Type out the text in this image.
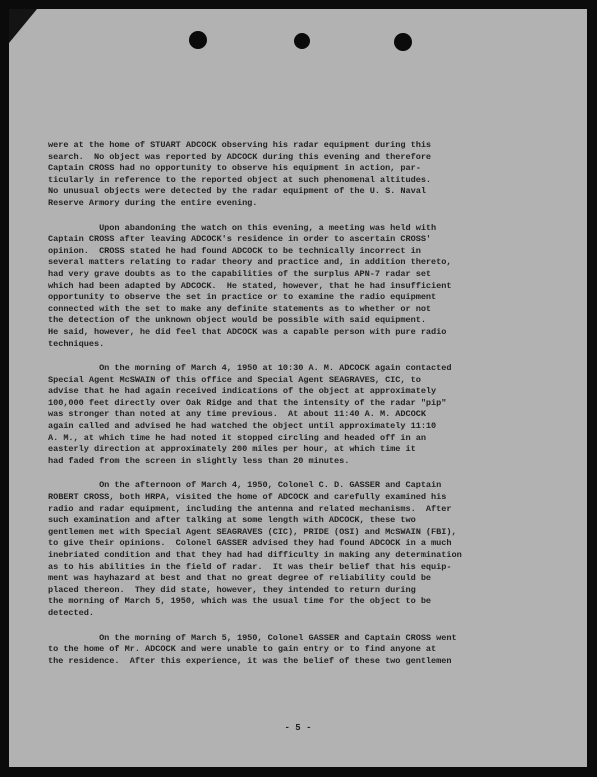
were at the home of STUART ADCOCK observing his radar equipment during this
search.  No object was reported by ADCOCK during this evening and therefore
Captain CROSS had no opportunity to observe his equipment in action, par-
ticularly in reference to the reported object at such phenomenal altitudes.
No unusual objects were detected by the radar equipment of the U. S. Naval
Reserve Armory during the entire evening.
Upon abandoning the watch on this evening, a meeting was held with
Captain CROSS after leaving ADCOCK's residence in order to ascertain CROSS'
opinion.  CROSS stated he had found ADCOCK to be technically incorrect in
several matters relating to radar theory and practice and, in addition thereto,
had very grave doubts as to the capabilities of the surplus APN-7 radar set
which had been adapted by ADCOCK.  He stated, however, that he had insufficient
opportunity to observe the set in practice or to examine the radio equipment
connected with the set to make any definite statements as to whether or not
the detection of the unknown object would be possible with said equipment.
He said, however, he did feel that ADCOCK was a capable person with pure radio
techniques.
On the morning of March 4, 1950 at 10:30 A. M. ADCOCK again contacted
Special Agent McSWAIN of this office and Special Agent SEAGRAVES, CIC, to
advise that he had again received indications of the object at approximately
100,000 feet directly over Oak Ridge and that the intensity of the radar "pip"
was stronger than noted at any time previous.  At about 11:40 A. M. ADCOCK
again called and advised he had watched the object until approximately 11:10
A. M., at which time he had noted it stopped circling and headed off in an
easterly direction at approximately 200 miles per hour, at which time it
had faded from the screen in slightly less than 20 minutes.
On the afternoon of March 4, 1950, Colonel C. D. GASSER and Captain
ROBERT CROSS, both HRPA, visited the home of ADCOCK and carefully examined his
radio and radar equipment, including the antenna and related mechanisms.  After
such examination and after talking at some length with ADCOCK, these two
gentlemen met with Special Agent SEAGRAVES (CIC), PRIDE (OSI) and McSWAIN (FBI),
to give their opinions.  Colonel GASSER advised they had found ADCOCK in a much
inebriated condition and that they had had difficulty in making any determination
as to his abilities in the field of radar.  It was their belief that his equip-
ment was hayhazard at best and that no great degree of reliability could be
placed thereon.  They did state, however, they intended to return during
the morning of March 5, 1950, which was the usual time for the object to be
detected.
On the morning of March 5, 1950, Colonel GASSER and Captain CROSS went
to the home of Mr. ADCOCK and were unable to gain entry or to find anyone at
the residence.  After this experience, it was the belief of these two gentlemen
- 5 -
